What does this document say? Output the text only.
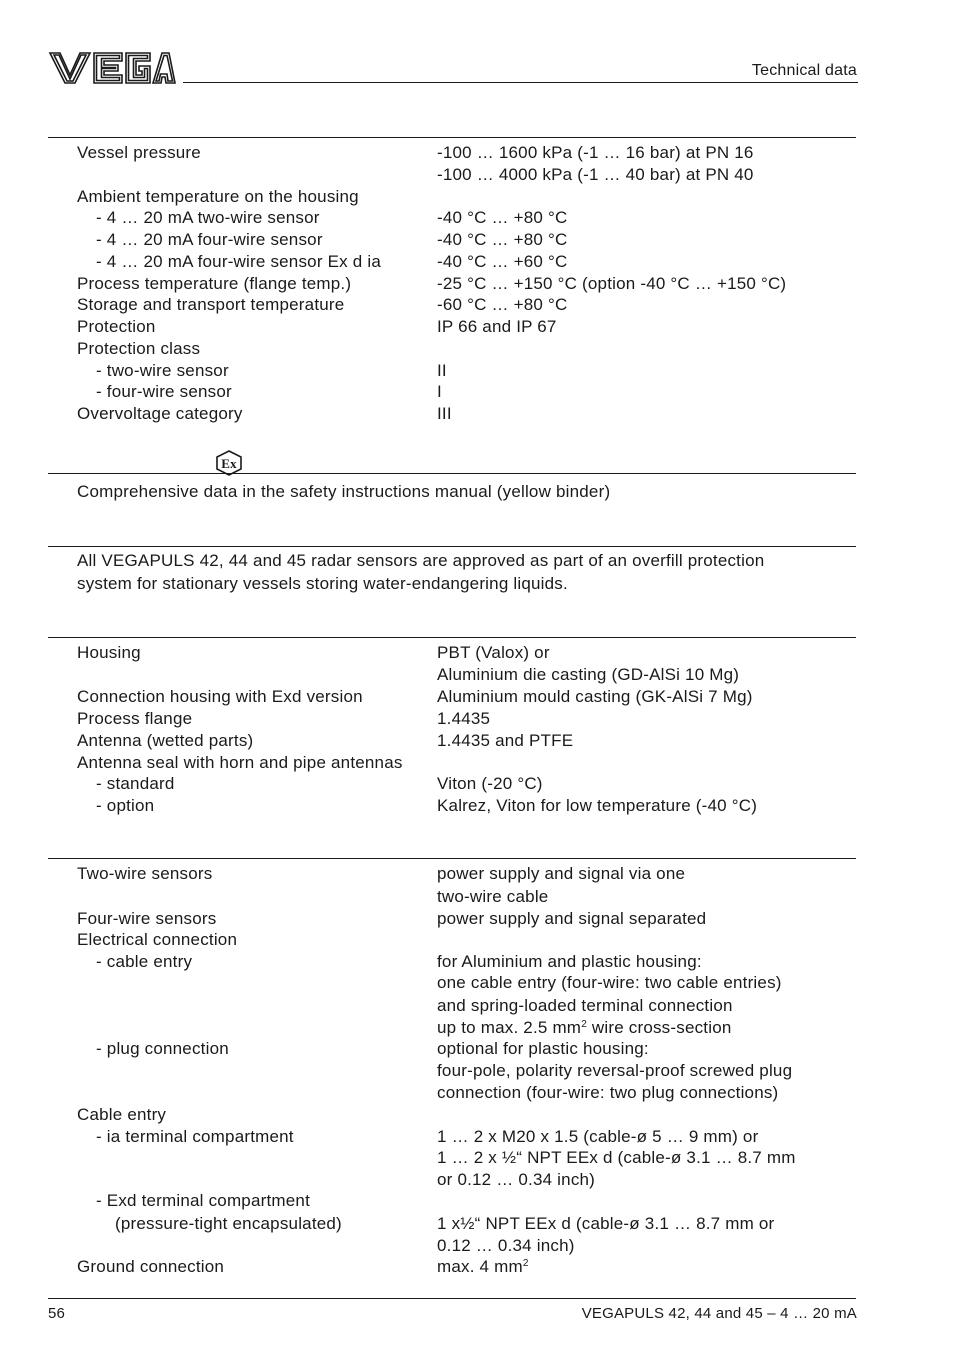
Technical data
Vessel pressure	-100 … 1600 kPa (-1 … 16 bar) at PN 16
-100 … 4000 kPa (-1 … 40 bar) at PN 40
Ambient temperature on the housing
- 4 … 20 mA two-wire sensor	-40 °C … +80 °C
- 4 … 20 mA four-wire sensor	-40 °C … +80 °C
- 4 … 20 mA four-wire sensor Ex d ia	-40 °C … +60 °C
Process temperature (flange temp.)	-25 °C … +150 °C (option -40 °C … +150 °C)
Storage and transport temperature	-60 °C … +80 °C
Protection	IP 66 and IP 67
Protection class
- two-wire sensor	II
- four-wire sensor	I
Overvoltage category	III
Ex
Comprehensive data in the safety instructions manual (yellow binder)
All VEGAPULS 42, 44 and 45 radar sensors are approved as part of an overfill protection
system for stationary vessels storing water-endangering liquids.
Housing	PBT (Valox) or
Aluminium die casting (GD-AlSi 10 Mg)
Connection housing with Exd version	Aluminium mould casting (GK-AlSi 7 Mg)
Process flange	1.4435
Antenna (wetted parts)	1.4435 and PTFE
Antenna seal with horn and pipe antennas
- standard	Viton (-20 °C)
- option	Kalrez, Viton for low temperature (-40 °C)
Two-wire sensors	power supply and signal via one
two-wire cable
Four-wire sensors	power supply and signal separated
Electrical connection
- cable entry	for Aluminium and plastic housing:
one cable entry (four-wire: two cable entries)
and spring-loaded terminal connection
up to max. 2.5 $mm^2$ wire cross-section
- plug connection	optional for plastic housing:
four-pole, polarity reversal-proof screwed plug
connection (four-wire: two plug connections)
Cable entry
- ia terminal compartment	1 … 2 x M20 x 1.5 (cable-ø 5 … 9 mm) or
1 … 2 x ½“ NPT EEx d (cable-ø 3.1 … 8.7 mm
or 0.12 … 0.34 inch)
- Exd terminal compartment
(pressure-tight encapsulated)	1 x½“ NPT EEx d (cable-ø 3.1 … 8.7 mm or
0.12 … 0.34 inch)
Ground connection	max. 4 $mm^2$
56	VEGAPULS 42, 44 and 45 – 4 … 20 mA
